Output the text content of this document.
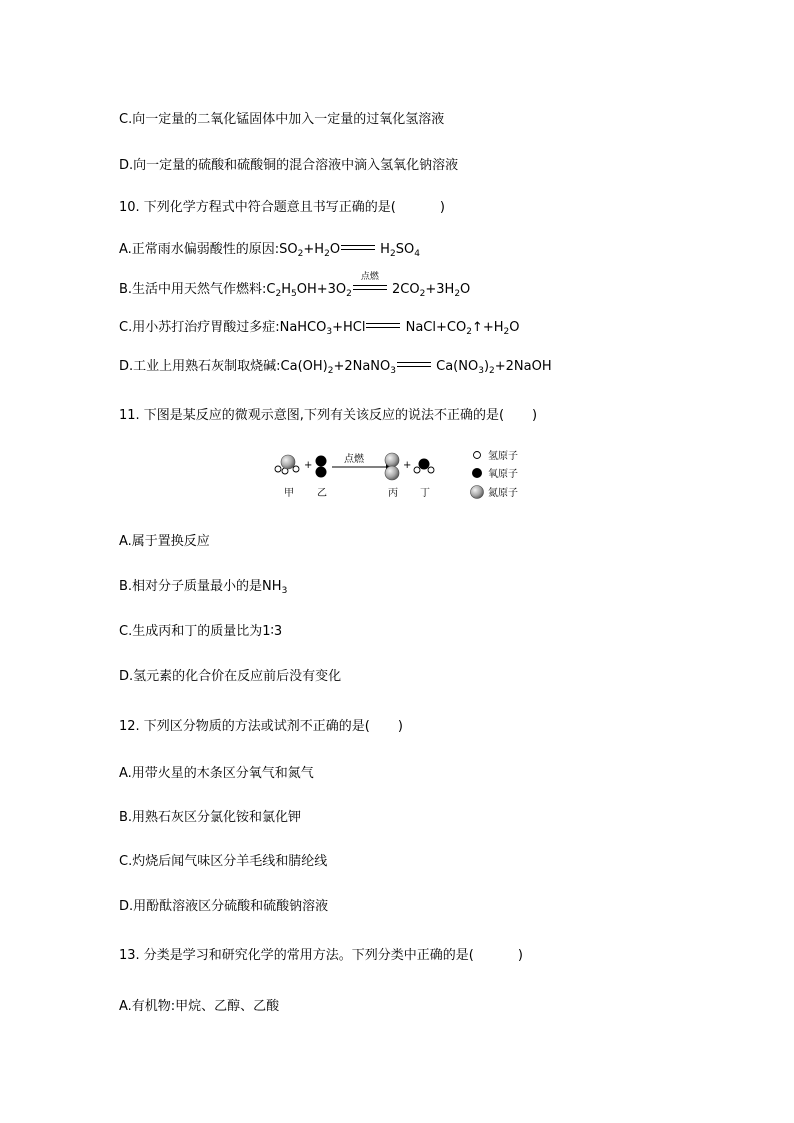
C.向一定量的二氧化锰固体中加入一定量的过氧化氢溶液
D.向一定量的硫酸和硫酸铜的混合溶液中滴入氢氧化钠溶液
10. 下列化学方程式中符合题意且书写正确的是(	)
A.正常雨水偏弱酸性的原因$:SO_2+H_2O$	$H_2SO_4$
B.生活中用天然气作燃料$:C_2H_5OH+3O_2$
点燃
$2CO_2+3H_2O$
C.用小苏打治疗胃酸过多症:NaHCO$_3$+HCl	$NaCl+CO_2↑+H_2O$
D.工业上用熟石灰制取烧碱$:Ca(OH)_2+2NaNO_3$	$Ca(NO_3)_2+2NaOH$
11. 下图是某反应的微观示意图,下列有关该反应的说法不正确的是( )
+
点燃
+
甲 乙	丙 丁
氢原子
氧原子
氮原子
A.属于置换反应
B.相对分子质量最小的是$NH_3$
C.生成丙和丁的质量比为1∶3
D.氢元素的化合价在反应前后没有变化
12. 下列区分物质的方法或试剂不正确的是( )
A.用带火星的木条区分氧气和氮气
B.用熟石灰区分氯化铵和氯化钾
C.灼烧后闻气味区分羊毛线和腈纶线
D.用酚酞溶液区分硫酸和硫酸钠溶液
13. 分类是学习和研究化学的常用方法。下列分类中正确的是(	)
A.有机物:甲烷、乙醇、乙酸
